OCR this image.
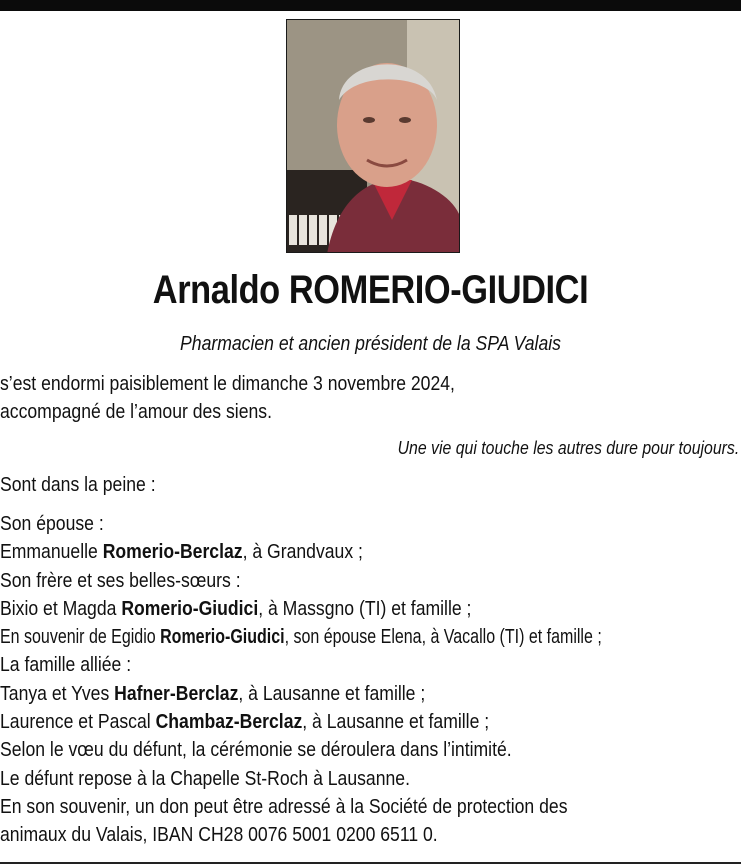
Arnaldo ROMERIO-GIUDICI
Pharmacien et ancien président de la SPA Valais
s’est endormi paisiblement le dimanche 3 novembre 2024,
accompagné de l’amour des siens.
Une vie qui touche les autres dure pour toujours.
Sont dans la peine :
Son épouse :
Emmanuelle Romerio-Berclaz, à Grandvaux ;
Son frère et ses belles-sœurs :
Bixio et Magda Romerio-Giudici, à Massgno (TI) et famille ;
En souvenir de Egidio Romerio-Giudici, son épouse Elena, à Vacallo (TI) et famille ;
La famille alliée :
Tanya et Yves Hafner-Berclaz, à Lausanne et famille ;
Laurence et Pascal Chambaz-Berclaz, à Lausanne et famille ;
Selon le vœu du défunt, la cérémonie se déroulera dans l’intimité.
Le défunt repose à la Chapelle St-Roch à Lausanne.
En son souvenir, un don peut être adressé à la Société de protection des
animaux du Valais, IBAN CH28 0076 5001 0200 6511 0.
